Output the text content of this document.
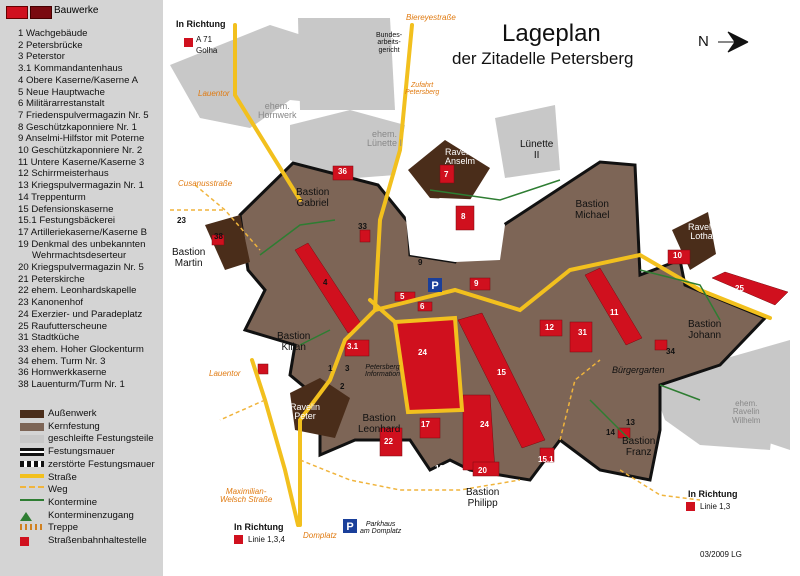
P
P
Bauwerke
1 Wachgebäude
2 Petersbrücke
3 Peterstor
3.1 Kommandantenhaus
4 Obere Kaserne/Kaserne A
5 Neue Hauptwache
6 Militärarrestanstalt
7 Friedenspulvermagazin Nr. 5
8 Geschützkaponniere Nr. 1
9 Anselmi-Hilfstor mit Poterne
10 Geschützkaponniere Nr. 2
11 Untere Kaserne/Kaserne 3
12 Schirrmeisterhaus
13 Kriegspulvermagazin Nr. 1
14 Treppenturm
15 Defensionskaserne
15.1 Festungsbäckerei
17 Artilleriekaserne/Kaserne B
19 Denkmal des unbekannten
Wehrmachtsdeserteur
20 Kriegspulvermagazin Nr. 5
21 Peterskirche
22 ehem. Leonhardskapelle
23 Kanonenhof
24 Exerzier- und Paradeplatz
25 Raufutterscheune
31 Stadtküche
33 ehem. Hoher Glockenturm
34 ehem. Turm Nr. 3
36 Hornwerkkaserne
38 Lauenturm/Turm Nr. 1
Außenwerk
Kernfestung
geschleifte Festungsteile
Festungsmauer
zerstörte Festungsmauer
Straße
Weg
Kontermine
Konterminenzugang
Treppe
Straßenbahnhaltestelle
Lageplan
der Zitadelle Petersberg
N
03/2009 LG
Bastion
Gabriel
Bastion
Martin
Bastion
Kilian
Bastion
Michael
Bastion
Johann
Bastion
Franz
Bastion
Leonhard
Bastion
Philipp
Ravelin
Anselm
Ravelin
Lothar
Ravelin
Peter
ehem.
Ravelin
Wilhelm
Lünette
II
ehem.
Lünette I
ehem.
Hornwerk
Bürgergarten
Bundes-
arbeits-
gericht
Petersberg
Information
Parkhaus
am Domplatz
Biereyestraße
Zufahrt
Petersberg
Lauentor
Cusanusstraße
Lauentor
Maximilian-
Welsch Straße
Domplatz
In Richtung
A 71
Golha
In Richtung
Linie 1,3,4
In Richtung
Linie 1,3
36
33
23
38
7
8
9
5
6
9
4
3.1
3
2
1
24
15
12
31
11
10
25
34
22
17	24
19	20
15.1
13
14
